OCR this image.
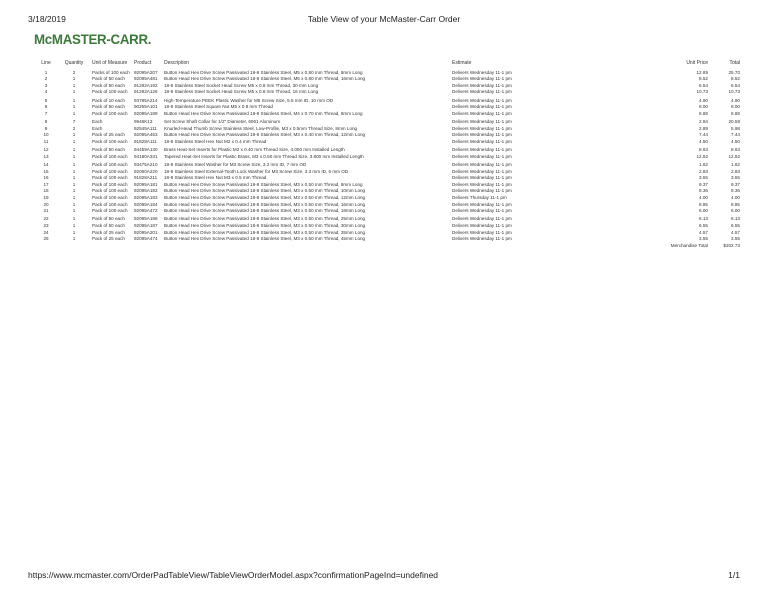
3/18/2019	Table View of your McMaster-Carr Order
McMASTER-CARR.
Line	Quantity	Unit of Measure	Product	Description	Estimate	Unit Price	Total
1	2	Packs of 100 each	92095A207	Button Head Hex Drive Screw Passivated 18-8 Stainless Steel, M5 x 0.80 mm Thread, 8mm Long	Delivers Wednesday 11-1 pm	12.85	25.70
2	1	Pack of 50 each	92095A481	Button Head Hex Drive Screw Passivated 18-8 Stainless Steel, M5 x 0.80 mm Thread, 16mm Long	Delivers Wednesday 11-1 pm	8.52	8.52
3	1	Pack of 50 each	91292A192	18-8 Stainless Steel Socket Head Screw M5 x 0.8 mm Thread, 30 mm Long	Delivers Wednesday 11-1 pm	6.54	6.54
4	1	Pack of 100 each	91292A126	18-8 Stainless Steel Socket Head Screw M5 x 0.8 mm Thread, 16 mm Long	Delivers Wednesday 11-1 pm	10.73	10.73
5	1	Pack of 10 each	93785A214	High-Temperature PEEK Plastic Washer for M5 Screw Size, 5.5 mm ID, 10 mm OD	Delivers Wednesday 11-1 pm	4.90	4.90
6	1	Pack of 50 each	90255A101	18-8 Stainless Steel Square Nut M5 x 0.8 mm Thread	Delivers Wednesday 11-1 pm	8.00	8.00
7	1	Pack of 100 each	92095A189	Button Head Hex Drive Screw Passivated 18-8 Stainless Steel, M4 x 0.70 mm Thread, 8mm Long	Delivers Wednesday 11-1 pm	6.89	6.89
8	7	Each	9946K13	Set Screw Shaft Collar for 1/2" Diameter, 6061 Aluminum	Delivers Wednesday 11-1 pm	2.94	20.58
9	2	Each	92545A111	Knurled-Head Thumb Screw Stainless Steel, Low-Profile, M3 x 0.5mm Thread Size, 8mm Long	Delivers Wednesday 11-1 pm	2.89	5.98
10	1	Pack of 25 each	92095A453	Button Head Hex Drive Screw Passivated 18-8 Stainless Steel, M3 x 0.40 mm Thread, 12mm Long	Delivers Wednesday 11-1 pm	7.44	7.44
11	1	Pack of 100 each	91828A111	18-8 Stainless Steel Hex Nut M2 x 0.4 mm Thread	Delivers Wednesday 11-1 pm	4.50	4.50
12	1	Pack of 50 each	94459A130	Brass Heat-Set Inserts for Plastic M2 x 0.40 mm Thread Size, 4.000 mm Installed Length	Delivers Wednesday 11-1 pm	8.63	8.63
13	1	Pack of 100 each	94180A331	Tapered Heat-Set Inserts for Plastic Brass, M3 x 0.50 mm Thread Size, 3.800 mm Installed Length	Delivers Wednesday 11-1 pm	12.92	12.92
14	1	Pack of 100 each	93475A210	18-8 Stainless Steel Washer for M3 Screw Size, 3.2 mm ID, 7 mm OD	Delivers Wednesday 11-1 pm	1.62	1.62
15	1	Pack of 100 each	92060A220	18-8 Stainless Steel External-Tooth Lock Washer for M3 Screw Size, 3.3 mm ID, 6 mm OD	Delivers Wednesday 11-1 pm	2.83	2.83
16	1	Pack of 100 each	91828A211	18-8 Stainless Steel Hex Nut M3 x 0.5 mm Thread	Delivers Wednesday 11-1 pm	3.55	3.55
17	1	Pack of 100 each	92095A181	Button Head Hex Drive Screw Passivated 18-8 Stainless Steel, M3 x 0.50 mm Thread, 8mm Long	Delivers Wednesday 11-1 pm	9.37	9.37
18	1	Pack of 100 each	92095A182	Button Head Hex Drive Screw Passivated 18-8 Stainless Steel, M3 x 0.50 mm Thread, 10mm Long	Delivers Wednesday 11-1 pm	8.36	8.36
19	1	Pack of 100 each	92095A183	Button Head Hex Drive Screw Passivated 18-8 Stainless Steel, M3 x 0.50 mm Thread, 12mm Long	Delivers Thursday 11-1 pm	4.00	4.00
20	1	Pack of 100 each	92095A184	Button Head Hex Drive Screw Passivated 18-8 Stainless Steel, M3 x 0.50 mm Thread, 16mm Long	Delivers Wednesday 11-1 pm	8.85	8.85
21	1	Pack of 100 each	92095A472	Button Head Hex Drive Screw Passivated 18-8 Stainless Steel, M3 x 0.50 mm Thread, 18mm Long	Delivers Wednesday 11-1 pm	6.00	6.00
22	1	Pack of 50 each	92095A186	Button Head Hex Drive Screw Passivated 18-8 Stainless Steel, M3 x 0.50 mm Thread, 25mm Long	Delivers Wednesday 11-1 pm	6.13	6.13
23	1	Pack of 50 each	92095A187	Button Head Hex Drive Screw Passivated 18-8 Stainless Steel, M3 x 0.50 mm Thread, 30mm Long	Delivers Wednesday 11-1 pm	6.55	6.55
24	1	Pack of 25 each	92095A201	Button Head Hex Drive Screw Passivated 18-8 Stainless Steel, M3 x 0.50 mm Thread, 35mm Long	Delivers Wednesday 11-1 pm	4.57	4.57
25	1	Pack of 25 each	92095A474	Button Head Hex Drive Screw Passivated 18-8 Stainless Steel, M3 x 0.50 mm Thread, 45mm Long	Delivers Wednesday 11-1 pm	3.55	3.55
						Merchandise Total	$202.73
https://www.mcmaster.com/OrderPadTableView/TableViewOrderModel.aspx?confirmationPageInd=undefined	1/1
